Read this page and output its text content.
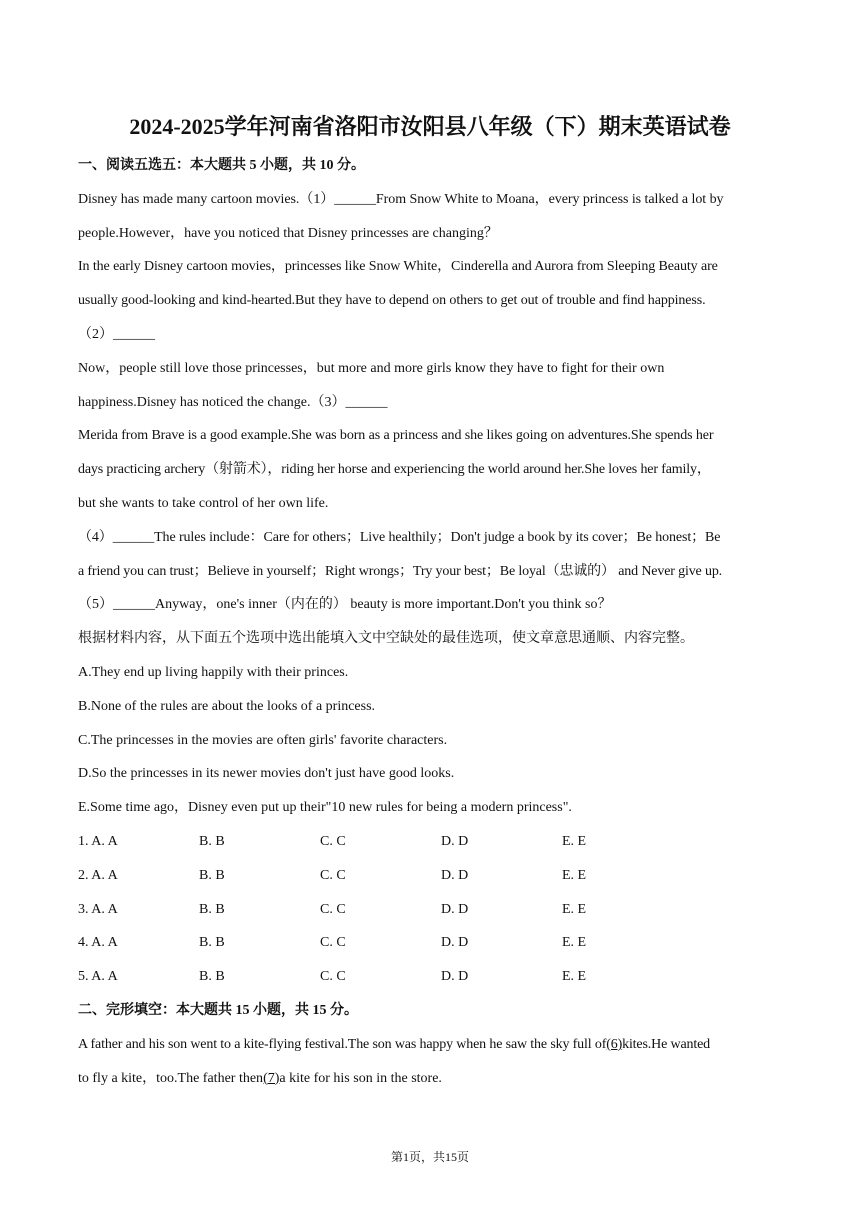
2024-2025学年河南省洛阳市汝阳县八年级（下）期末英语试卷
一、阅读五选五：本大题共 5 小题，共 10 分。
Disney has made many cartoon movies.（1）______From Snow White to Moana，every princess is talked a lot by
people.However，have you noticed that Disney princesses are changing？
In the early Disney cartoon movies，princesses like Snow White，Cinderella and Aurora from Sleeping Beauty are
usually good-looking and kind-hearted.But they have to depend on others to get out of trouble and find happiness.
（2）______
Now，people still love those princesses，but more and more girls know they have to fight for their own
happiness.Disney has noticed the change.（3）______
Merida from Brave is a good example.She was born as a princess and she likes going on adventures.She spends her
days practicing archery（射箭术），riding her horse and experiencing the world around her.She loves her family，
but she wants to take control of her own life.
（4）______The rules include：Care for others；Live healthily；Don't judge a book by its cover；Be honest；Be
a friend you can trust；Believe in yourself；Right wrongs；Try your best；Be loyal（忠诚的） and Never give up.
（5）______Anyway，one's inner（内在的） beauty is more important.Don't you think so？
根据材料内容，从下面五个选项中选出能填入文中空缺处的最佳选项，使文章意思通顺、内容完整。
A.They end up living happily with their princes.
B.None of the rules are about the looks of a princess.
C.The princesses in the movies are often girls' favorite characters.
D.So the princesses in its newer movies don't just have good looks.
E.Some time ago，Disney even put up their"10 new rules for being a modern princess".
1. A. A	B. B	C. C	D. D	E. E
2. A. A	B. B	C. C	D. D	E. E
3. A. A	B. B	C. C	D. D	E. E
4. A. A	B. B	C. C	D. D	E. E
5. A. A	B. B	C. C	D. D	E. E
二、完形填空：本大题共 15 小题，共 15 分。
A father and his son went to a kite-flying festival.The son was happy when he saw the sky full of(6)kites.He wanted
to fly a kite，too.The father then(7)a kite for his son in the store.
第1页，共15页
